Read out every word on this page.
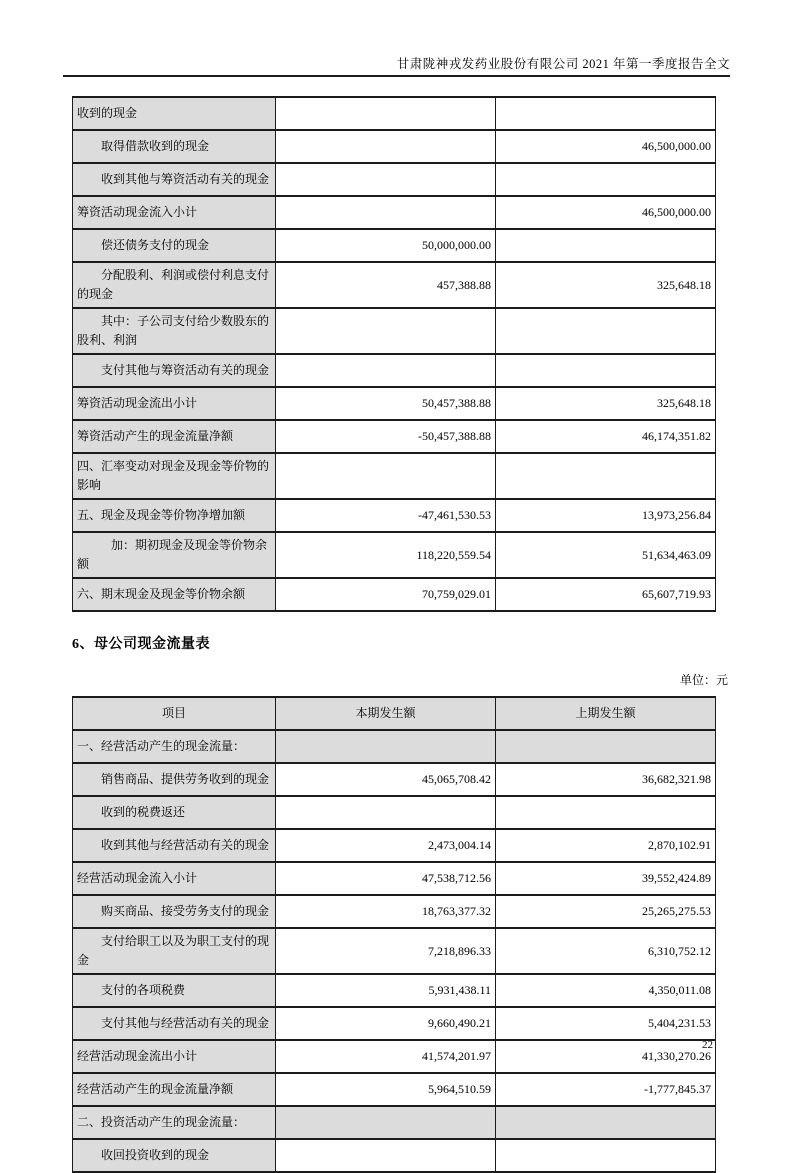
甘肃陇神戎发药业股份有限公司 2021 年第一季度报告全文
收到的现金		
取得借款收到的现金		46,500,000.00
收到其他与筹资活动有关的现金		
筹资活动现金流入小计		46,500,000.00
偿还债务支付的现金	50,000,000.00	
分配股利、利润或偿付利息支付的现金	457,388.88	325,648.18
其中：子公司支付给少数股东的股利、利润		
支付其他与筹资活动有关的现金		
筹资活动现金流出小计	50,457,388.88	325,648.18
筹资活动产生的现金流量净额	-50,457,388.88	46,174,351.82
四、汇率变动对现金及现金等价物的影响		
五、现金及现金等价物净增加额	-47,461,530.53	13,973,256.84
加：期初现金及现金等价物余额	118,220,559.54	51,634,463.09
六、期末现金及现金等价物余额	70,759,029.01	65,607,719.93
6、母公司现金流量表
单位：元
项目	本期发生额	上期发生额
一、经营活动产生的现金流量：		
销售商品、提供劳务收到的现金	45,065,708.42	36,682,321.98
收到的税费返还		
收到其他与经营活动有关的现金	2,473,004.14	2,870,102.91
经营活动现金流入小计	47,538,712.56	39,552,424.89
购买商品、接受劳务支付的现金	18,763,377.32	25,265,275.53
支付给职工以及为职工支付的现金	7,218,896.33	6,310,752.12
支付的各项税费	5,931,438.11	4,350,011.08
支付其他与经营活动有关的现金	9,660,490.21	5,404,231.53
经营活动现金流出小计	41,574,201.97	41,330,270.26
经营活动产生的现金流量净额	5,964,510.59	-1,777,845.37
二、投资活动产生的现金流量：		
收回投资收到的现金		
22
